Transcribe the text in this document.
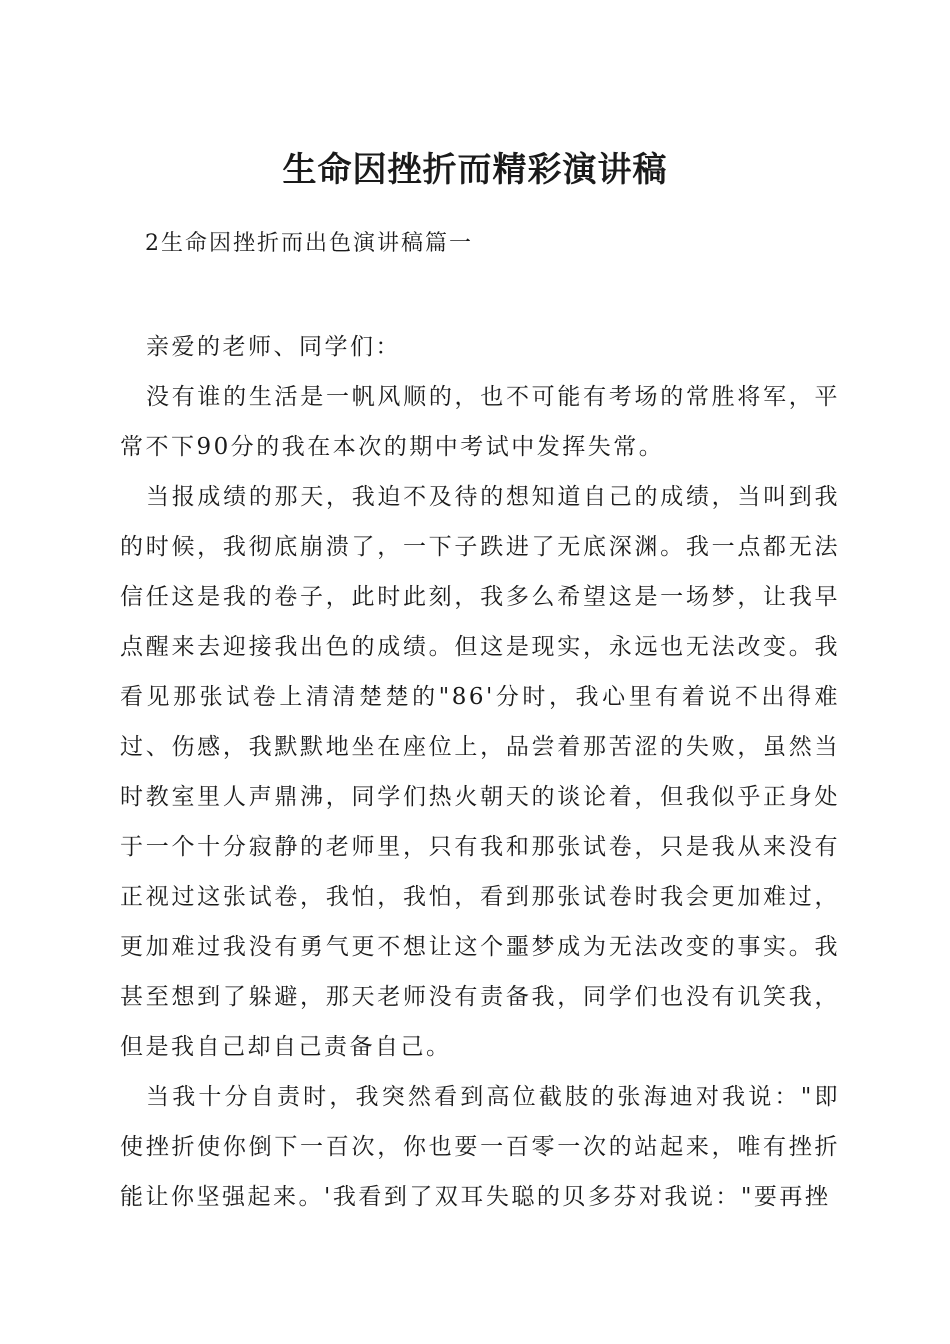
生命因挫折而精彩演讲稿

2生命因挫折而出色演讲稿篇一

亲爱的老师、同学们：

没有谁的生活是一帆风顺的，也不可能有考场的常胜将军，平常不下90分的我在本次的期中考试中发挥失常。

当报成绩的那天，我迫不及待的想知道自己的成绩，当叫到我的时候，我彻底崩溃了，一下子跌进了无底深渊。我一点都无法信任这是我的卷子，此时此刻，我多么希望这是一场梦，让我早点醒来去迎接我出色的成绩。但这是现实，永远也无法改变。我看见那张试卷上清清楚楚的"86'分时，我心里有着说不出得难过、伤感，我默默地坐在座位上，品尝着那苦涩的失败，虽然当时教室里人声鼎沸，同学们热火朝天的谈论着，但我似乎正身处于一个十分寂静的老师里，只有我和那张试卷，只是我从来没有正视过这张试卷，我怕，我怕，看到那张试卷时我会更加难过，更加难过我没有勇气更不想让这个噩梦成为无法改变的事实。我甚至想到了躲避，那天老师没有责备我，同学们也没有讥笑我，但是我自己却自己责备自己。

当我十分自责时，我突然看到高位截肢的张海迪对我说："即使挫折使你倒下一百次，你也要一百零一次的站起来，唯有挫折能让你坚强起来。'我看到了双耳失聪的贝多芬对我说："要再挫
